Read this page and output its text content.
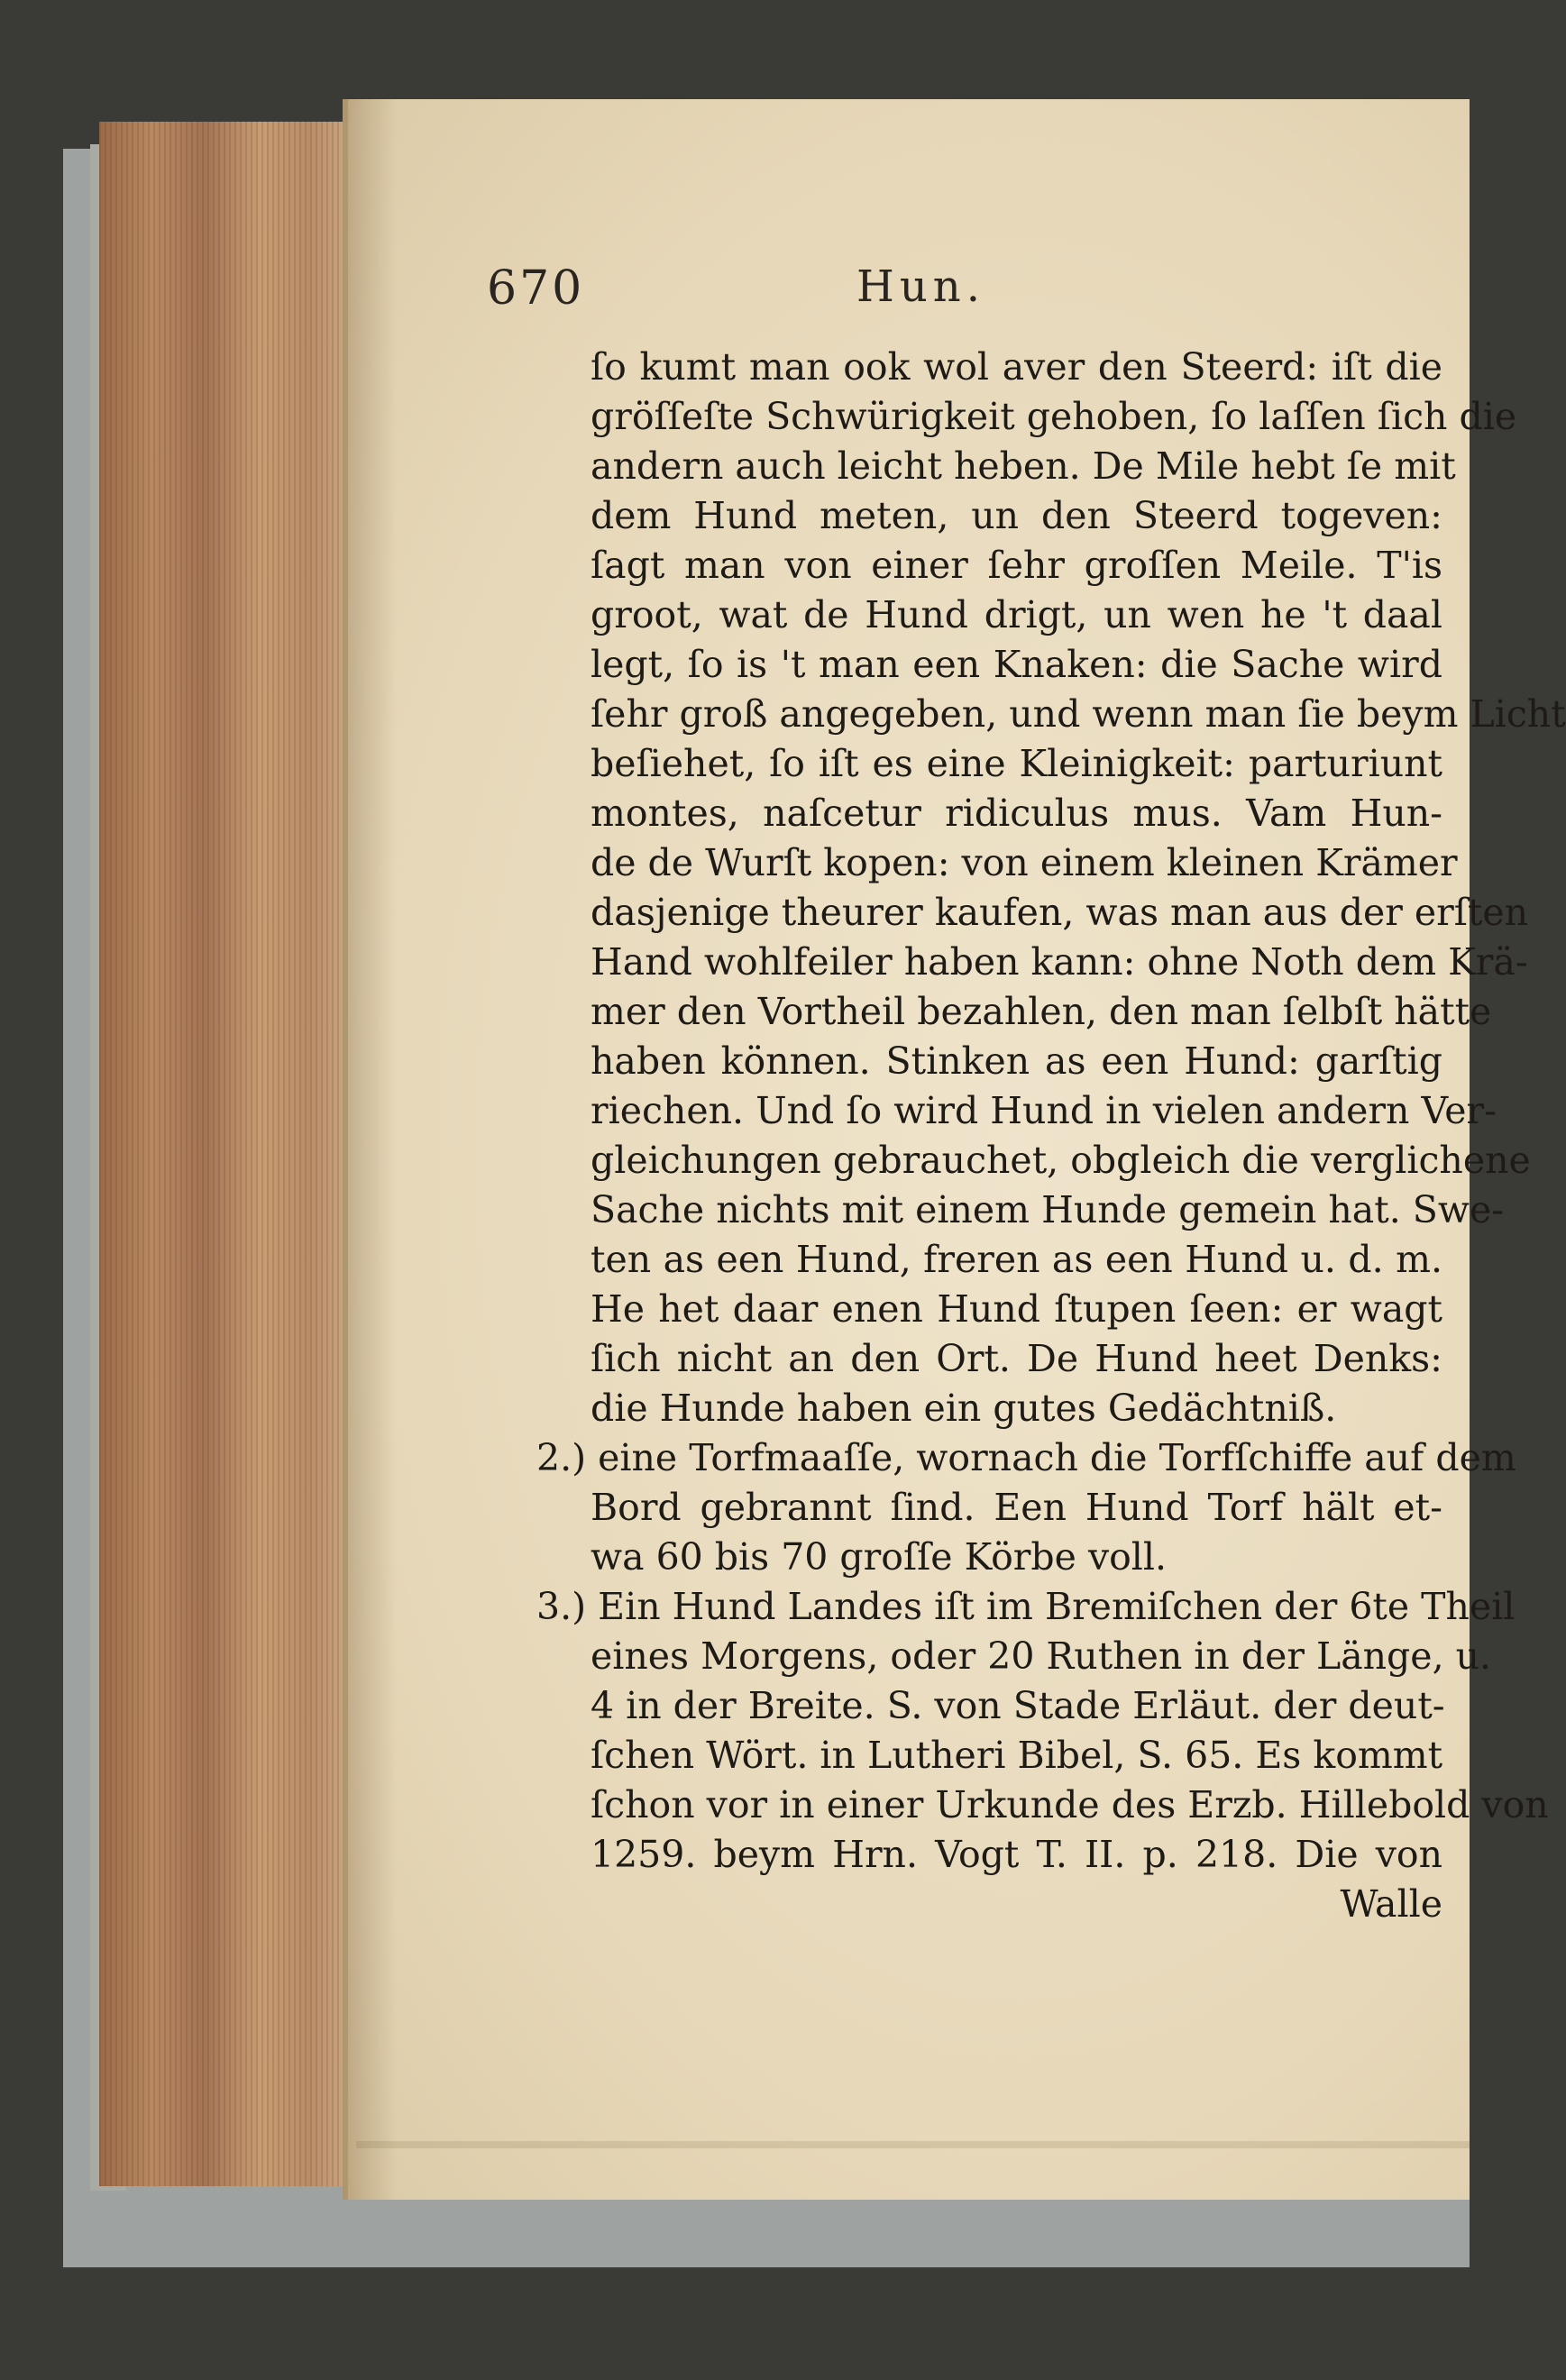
670	Hun.
ſo kumt man ook wol aver den Steerd: iſt die
gröſſeſte Schwürigkeit gehoben, ſo laſſen ſich die
andern auch leicht heben. De Mile hebt ſe mit
dem Hund meten, un den Steerd togeven:
ſagt man von einer ſehr groſſen Meile. T'is
groot, wat de Hund drigt, un wen he 't daal
legt, ſo is 't man een Knaken: die Sache wird
ſehr groß angegeben, und wenn man ſie beym Licht
beſiehet, ſo iſt es eine Kleinigkeit: parturiunt
montes, naſcetur ridiculus mus. Vam Hun-
de de Wurſt kopen: von einem kleinen Krämer
dasjenige theurer kaufen, was man aus der erſten
Hand wohlfeiler haben kann: ohne Noth dem Krä-
mer den Vortheil bezahlen, den man ſelbſt hätte
haben können. Stinken as een Hund: garſtig
riechen. Und ſo wird Hund in vielen andern Ver-
gleichungen gebrauchet, obgleich die verglichene
Sache nichts mit einem Hunde gemein hat. Swe-
ten as een Hund, freren as een Hund u. d. m.
He het daar enen Hund ſtupen ſeen: er wagt
ſich nicht an den Ort. De Hund heet Denks:
die Hunde haben ein gutes Gedächtniß.
2.) eine Torfmaaſſe, wornach die Torfſchiffe auf dem
Bord gebrannt ſind. Een Hund Torf hält et-
wa 60 bis 70 groſſe Körbe voll.
3.) Ein Hund Landes iſt im Bremiſchen der 6te Theil
eines Morgens, oder 20 Ruthen in der Länge, u.
4 in der Breite. S. von Stade Erläut. der deut-
ſchen Wört. in Lutheri Bibel, S. 65. Es kommt
ſchon vor in einer Urkunde des Erzb. Hillebold von
1259. beym Hrn. Vogt T. II. p. 218. Die von
Walle
